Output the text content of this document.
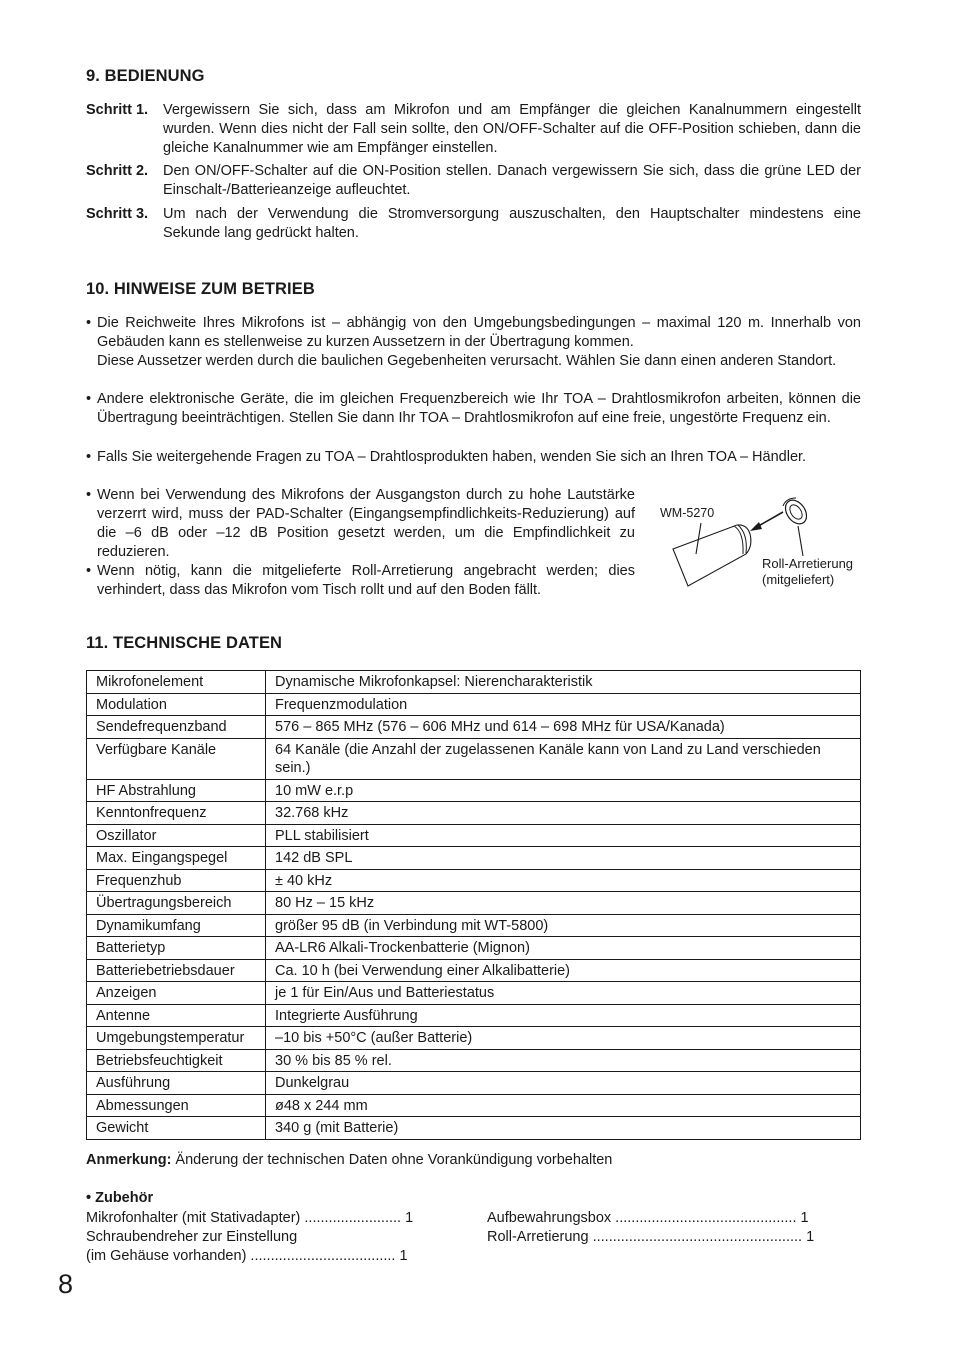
9. BEDIENUNG
Schritt 1. Vergewissern Sie sich, dass am Mikrofon und am Empfänger die gleichen Kanalnummern eingestellt wurden. Wenn dies nicht der Fall sein sollte, den ON/OFF-Schalter auf die OFF-Position schieben, dann die gleiche Kanalnummer wie am Empfänger einstellen.
Schritt 2. Den ON/OFF-Schalter auf die ON-Position stellen. Danach vergewissern Sie sich, dass die grüne LED der Einschalt-/Batterieanzeige aufleuchtet.
Schritt 3. Um nach der Verwendung die Stromversorgung auszuschalten, den Hauptschalter mindestens eine Sekunde lang gedrückt halten.
10. HINWEISE ZUM BETRIEB
• Die Reichweite Ihres Mikrofons ist – abhängig von den Umgebungsbedingungen – maximal 120 m. Innerhalb von Gebäuden kann es stellenweise zu kurzen Aussetzern in der Übertragung kommen.

Diese Aussetzer werden durch die baulichen Gegebenheiten verursacht. Wählen Sie dann einen anderen Standort.

• Andere elektronische Geräte, die im gleichen Frequenzbereich wie Ihr TOA – Drahtlosmikrofon arbeiten, können die Übertragung beeinträchtigen. Stellen Sie dann Ihr TOA – Drahtlosmikrofon auf eine freie, ungestörte Frequenz ein.

• Falls Sie weitergehende Fragen zu TOA – Drahtlosprodukten haben, wenden Sie sich an Ihren TOA – Händler.

• Wenn bei Verwendung des Mikrofons der Ausgangston durch zu hohe Lautstärke verzerrt wird, muss der PAD-Schalter (Eingangsempfindlichkeits-Reduzierung) auf die –6 dB oder –12 dB Position gesetzt werden, um die Empfindlichkeit zu reduzieren.

• Wenn nötig, kann die mitgelieferte Roll-Arretierung angebracht werden; dies verhindert, dass das Mikrofon vom Tisch rollt und auf den Boden fällt.

WM-5270
Roll-Arretierung
(mitgeliefert)
11. TECHNISCHE DATEN
Mikrofonelement	Dynamische Mikrofonkapsel: Nierencharakteristik
Modulation	Frequenzmodulation
Sendefrequenzband	576 – 865 MHz (576 – 606 MHz und 614 – 698 MHz für USA/Kanada)
Verfügbare Kanäle	64 Kanäle (die Anzahl der zugelassenen Kanäle kann von Land zu Land verschieden sein.)
HF Abstrahlung	10 mW e.r.p
Kenntonfrequenz	32.768 kHz
Oszillator	PLL stabilisiert
Max. Eingangspegel	142 dB SPL
Frequenzhub	± 40 kHz
Übertragungsbereich	80 Hz – 15 kHz
Dynamikumfang	größer 95 dB (in Verbindung mit WT-5800)
Batterietyp	AA-LR6 Alkali-Trockenbatterie (Mignon)
Batteriebetriebsdauer	Ca. 10 h (bei Verwendung einer Alkalibatterie)
Anzeigen	je 1 für Ein/Aus und Batteriestatus
Antenne	Integrierte Ausführung
Umgebungstemperatur	–10 bis +50°C (außer Batterie)
Betriebsfeuchtigkeit	30 % bis 85 % rel.
Ausführung	Dunkelgrau
Abmessungen	ø48 x 244 mm
Gewicht	340 g (mit Batterie)
Anmerkung: Änderung der technischen Daten ohne Vorankündigung vorbehalten
• Zubehör
Mikrofonhalter (mit Stativadapter) ........................ 1
Schraubendreher zur Einstellung
(im Gehäuse vorhanden) .................................... 1
Aufbewahrungsbox ............................................. 1
Roll-Arretierung .................................................... 1
8
